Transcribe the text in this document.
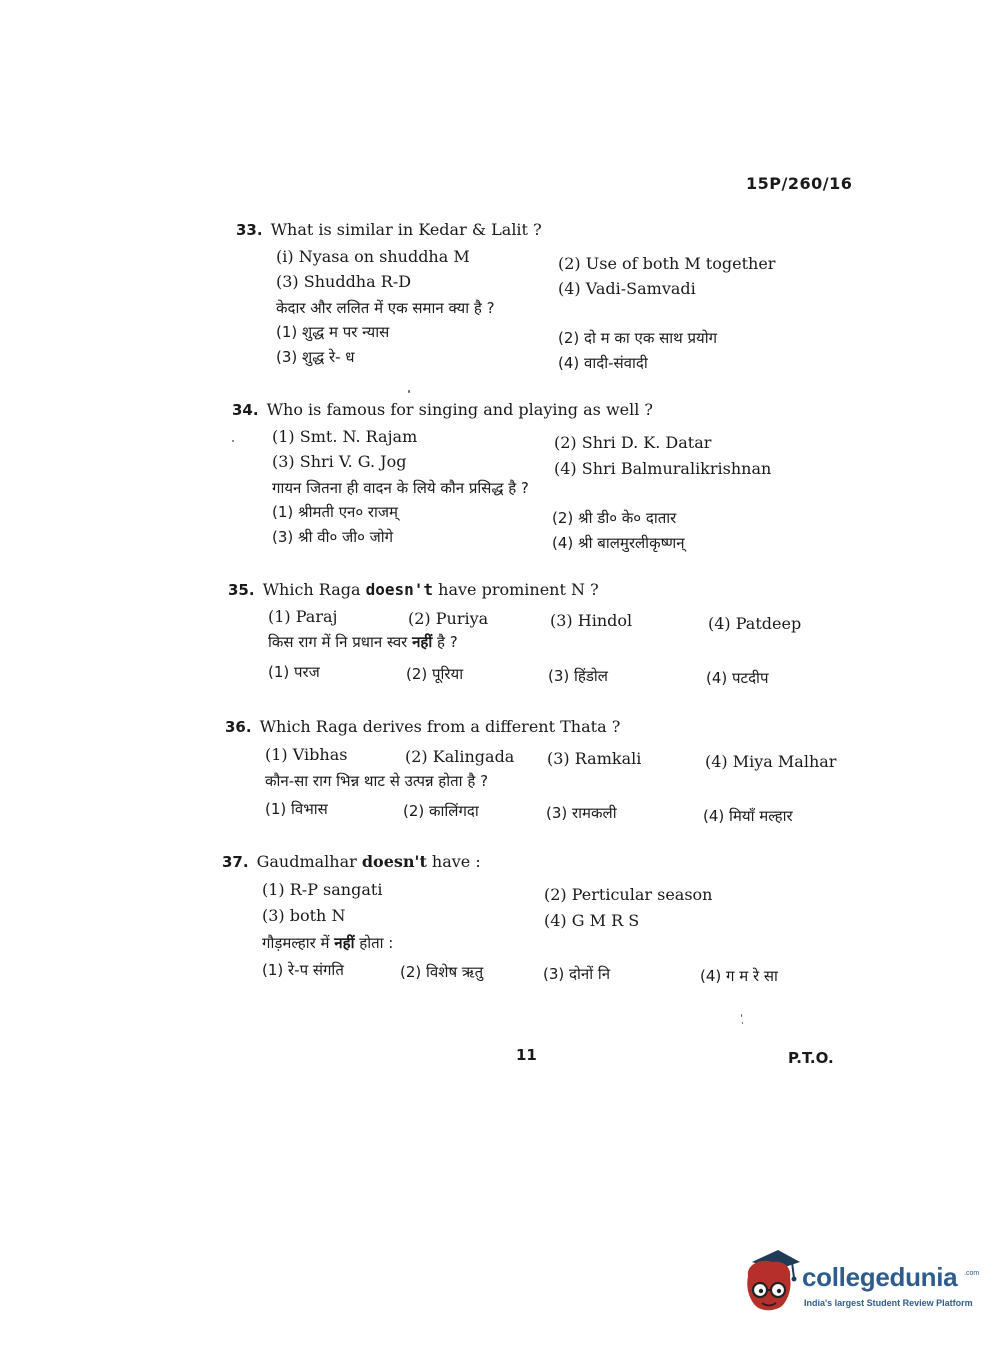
15P/260/16
33. What is similar in Kedar & Lalit ?
(i) Nyasa on shuddha M	(2) Use of both M together
(3) Shuddha R-D	(4) Vadi-Samvadi
केदार और ललित में एक समान क्या है ?
(1) शुद्ध म पर न्यास	(2) दो म का एक साथ प्रयोग
(3) शुद्ध रे- ध	(4) वादी-संवादी
34. Who is famous for singing and playing as well ?
(1) Smt. N. Rajam	(2) Shri D. K. Datar
(3) Shri V. G. Jog	(4) Shri Balmuralikrishnan
गायन जितना ही वादन के लिये कौन प्रसिद्ध है ?
(1) श्रीमती एन० राजम्	(2) श्री डी० के० दातार
(3) श्री वी० जी० जोगे	(4) श्री बालमुरलीकृष्णन्
35. Which Raga doesn't have prominent N ?
(1) Paraj	(2) Puriya	(3) Hindol	(4) Patdeep
किस राग में नि प्रधान स्वर नहीं है ?
(1) परज	(2) पूरिया	(3) हिंडोल	(4) पटदीप
36. Which Raga derives from a different Thata ?
(1) Vibhas	(2) Kalingada (3) Ramkali	(4) Miya Malhar
कौन-सा राग भिन्न थाट से उत्पन्न होता है ?
(1) विभास	(2) कालिंगदा	(3) रामकली	(4) मियाँ मल्हार
37. Gaudmalhar doesn't have :
(1) R-P sangati	(2) Perticular season
(3) both N	(4) G M R S
गौड़मल्हार में नहीं होता :
(1) रे-प संगति	(2) विशेष ऋतु	(3) दोनों नि	(4) ग म रे सा
11	P.T.O.
collegedunia .com
India's largest Student Review Platform
